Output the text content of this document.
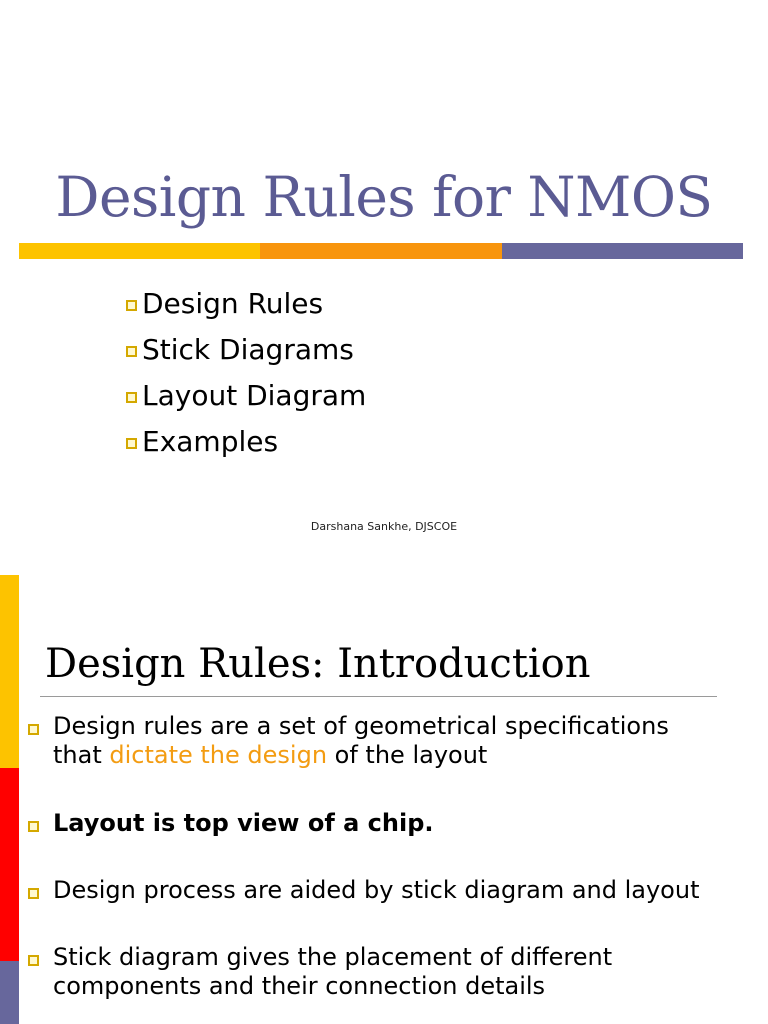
Design Rules for NMOS
Design Rules
Stick Diagrams
Layout Diagram
Examples
Darshana Sankhe, DJSCOE
Design Rules: Introduction
Design rules are a set of geometrical specifications
that dictate the design of the layout
Layout is top view of a chip.
Design process are aided by stick diagram and layout
Stick diagram gives the placement of different
components and their connection details
